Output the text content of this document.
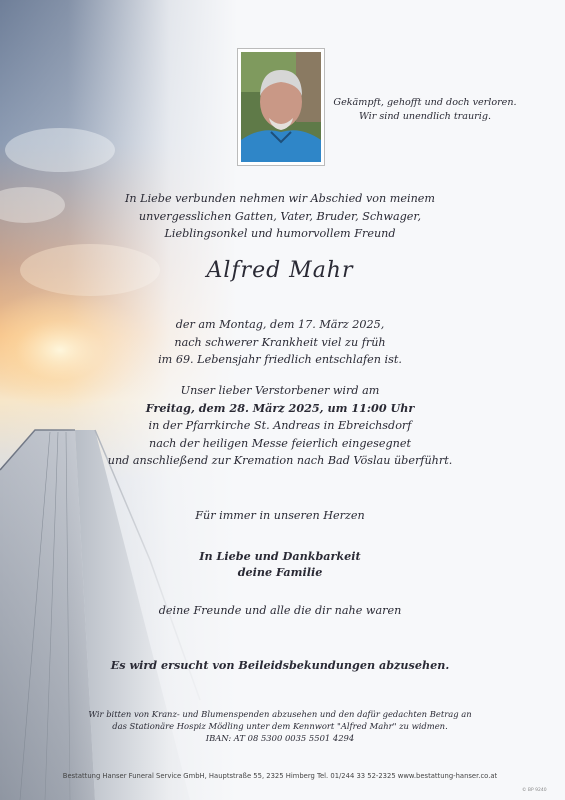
Gekämpft, gehofft und doch verloren.
Wir sind unendlich traurig.
In Liebe verbunden nehmen wir Abschied von meinem
unvergesslichen Gatten, Vater, Bruder, Schwager,
Lieblingsonkel und humorvollem Freund
Alfred Mahr
der am Montag, dem 17. März 2025,
nach schwerer Krankheit viel zu früh
im 69. Lebensjahr friedlich entschlafen ist.
Unser lieber Verstorbener wird am
Freitag, dem 28. März 2025, um 11:00 Uhr
in der Pfarrkirche St. Andreas in Ebreichsdorf
nach der heiligen Messe feierlich eingesegnet
und anschließend zur Kremation nach Bad Vöslau überführt.
Für immer in unseren Herzen
In Liebe und Dankbarkeit
deine Familie
deine Freunde und alle die dir nahe waren
Es wird ersucht von Beileidsbekundungen abzusehen.
Wir bitten von Kranz- und Blumenspenden abzusehen und den dafür gedachten Betrag an
das Stationäre Hospiz Mödling unter dem Kennwort "Alfred Mahr" zu widmen.
IBAN: AT 08 5300 0035 5501 4294
Bestattung Hanser Funeral Service GmbH, Hauptstraße 55, 2325 Himberg Tel. 01/244 33 52-2325 www.bestattung-hanser.co.at
© BP 9240
